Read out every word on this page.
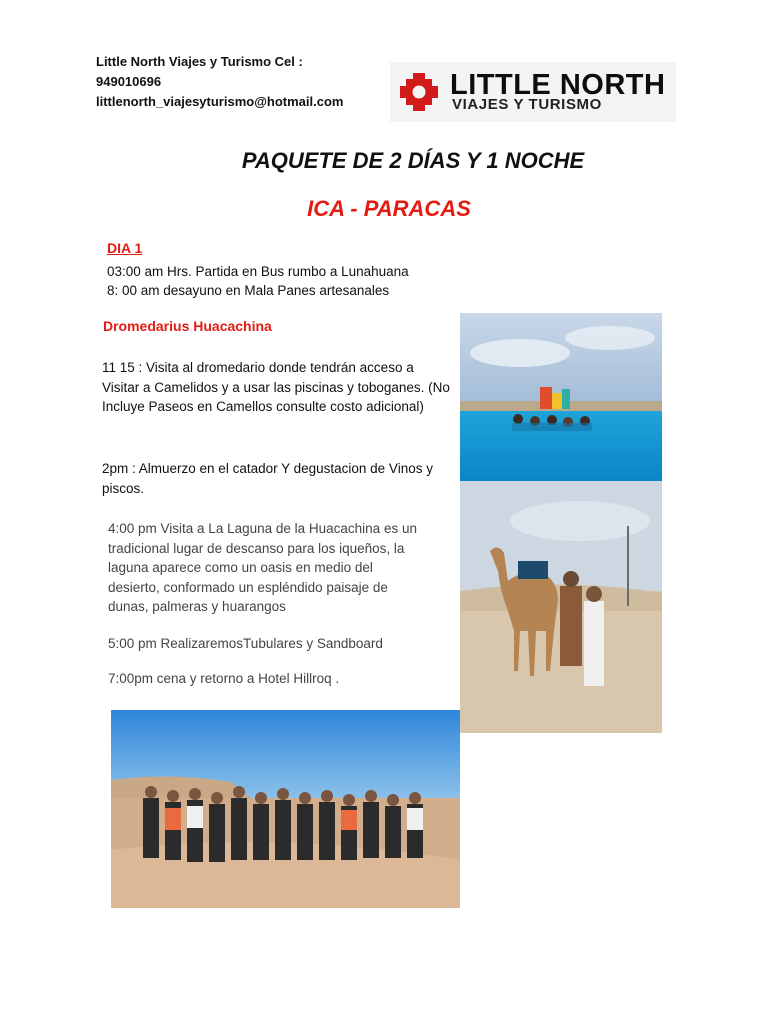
Little North Viajes y Turismo Cel :
949010696
littlenorth_viajesyturismo@hotmail.com
LITTLE NORTH
VIAJES Y TURISMO
PAQUETE DE 2 DÍAS Y 1 NOCHE
ICA - PARACAS
DIA 1
03:00 am Hrs. Partida en Bus rumbo a Lunahuana
8: 00 am desayuno en Mala Panes artesanales
Dromedarius Huacachina
11 15 : Visita al dromedario donde tendrán acceso a Visitar a Camelidos y a usar las piscinas y toboganes. (No Incluye Paseos en Camellos consulte costo adicional)
2pm : Almuerzo en el catador Y degustacion de Vinos y piscos.
4:00 pm Visita a La Laguna de la Huacachina es un tradicional lugar de descanso para los iqueños, la laguna aparece como un oasis en medio del desierto, conformado un espléndido paisaje de dunas, palmeras y huarangos
5:00 pm RealizaremosTubulares y Sandboard
7:00pm cena y retorno a Hotel Hillroq .
